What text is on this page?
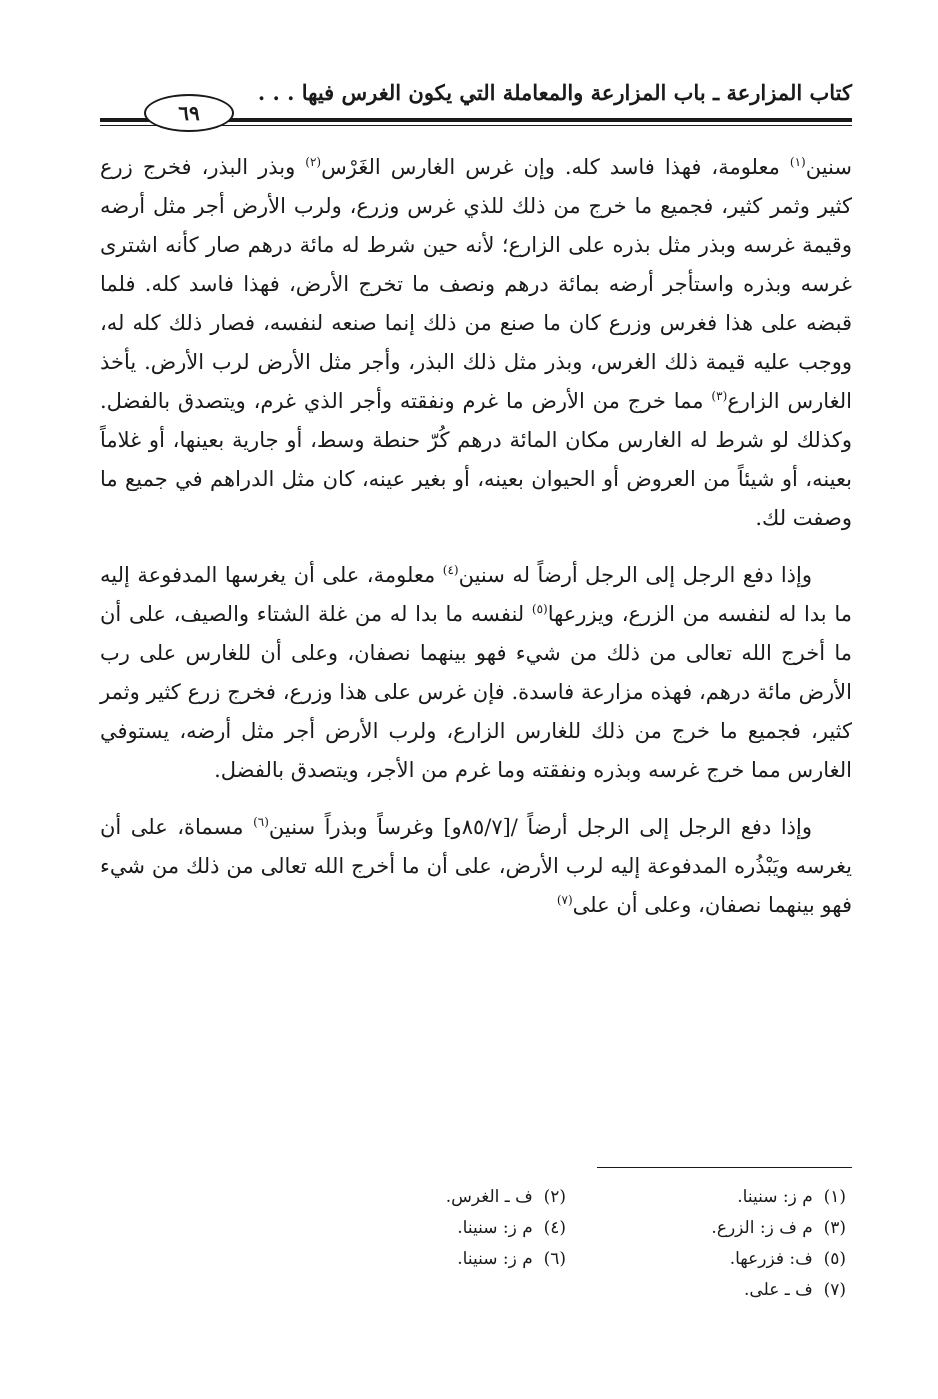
كتاب المزارعة ـ باب المزارعة والمعاملة التي يكون الغرس فيها . . .
٦٩

سنين$^{(١)}$ معلومة، فهذا فاسد كله. وإن غرس الغارس الغَرْس$^{(٢)}$ وبذر البذر، فخرج زرع كثير وثمر كثير، فجميع ما خرج من ذلك للذي غرس وزرع، ولرب الأرض أجر مثل أرضه وقيمة غرسه وبذر مثل بذره على الزارع؛ لأنه حين شرط له مائة درهم صار كأنه اشترى غرسه وبذره واستأجر أرضه بمائة درهم ونصف ما تخرج الأرض، فهذا فاسد كله. فلما قبضه على هذا فغرس وزرع كان ما صنع من ذلك إنما صنعه لنفسه، فصار ذلك كله له، ووجب عليه قيمة ذلك الغرس، وبذر مثل ذلك البذر، وأجر مثل الأرض لرب الأرض. يأخذ الغارس الزارع$^{(٣)}$ مما خرج من الأرض ما غرم ونفقته وأجر الذي غرم، ويتصدق بالفضل. وكذلك لو شرط له الغارس مكان المائة درهم كُرّ حنطة وسط، أو جارية بعينها، أو غلاماً بعينه، أو شيئاً من العروض أو الحيوان بعينه، أو بغير عينه، كان مثل الدراهم في جميع ما وصفت لك.

وإذا دفع الرجل إلى الرجل أرضاً له سنين$^{(٤)}$ معلومة، على أن يغرسها المدفوعة إليه ما بدا له لنفسه من الزرع، ويزرعها$^{(٥)}$ لنفسه ما بدا له من غلة الشتاء والصيف، على أن ما أخرج الله تعالى من ذلك من شيء فهو بينهما نصفان، وعلى أن للغارس على رب الأرض مائة درهم، فهذه مزارعة فاسدة. فإن غرس على هذا وزرع، فخرج زرع كثير وثمر كثير، فجميع ما خرج من ذلك للغارس الزارع، ولرب الأرض أجر مثل أرضه، يستوفي الغارس مما خرج غرسه وبذره ونفقته وما غرم من الأجر، ويتصدق بالفضل.

وإذا دفع الرجل إلى الرجل أرضاً /[٨٥/٧و] وغرساً وبذراً سنين$^{(٦)}$ مسماة، على أن يغرسه ويَبْذُره المدفوعة إليه لرب الأرض، على أن ما أخرج الله تعالى من ذلك من شيء فهو بينهما نصفان، وعلى أن على$^{(٧)}$

(١)  م ز: سنينا.
(٢)  ف ـ الغرس.
(٣)  م ف ز: الزرع.
(٤)  م ز: سنينا.
(٥)  ف: فزرعها.
(٦)  م ز: سنينا.
(٧)  ف ـ على.
